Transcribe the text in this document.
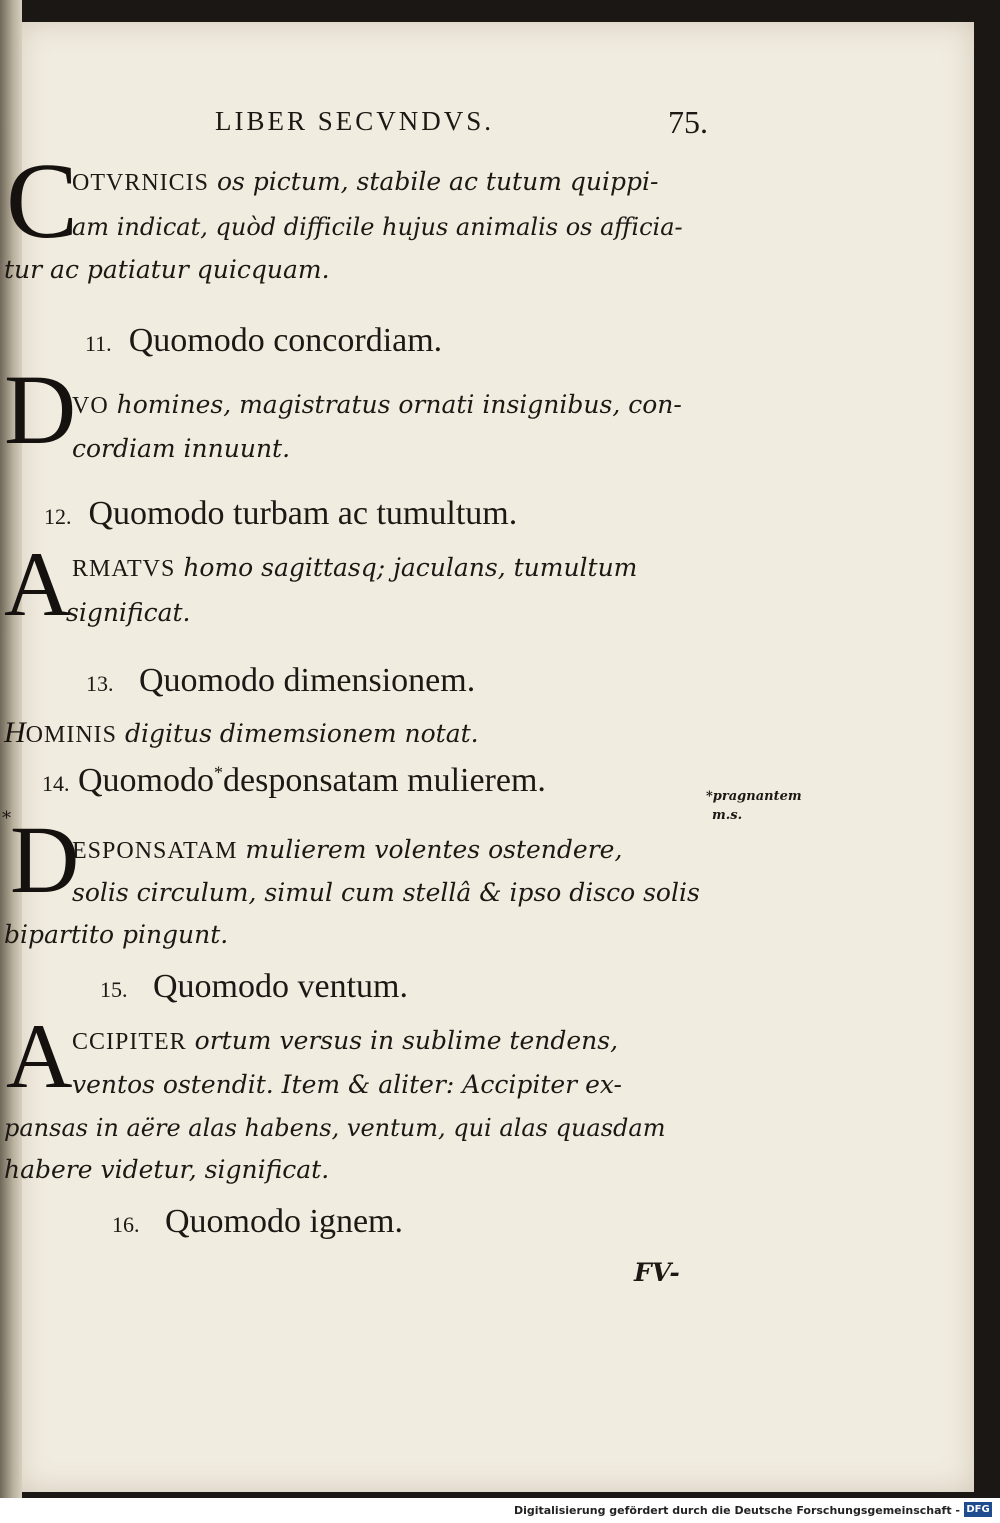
LIBER SECVNDVS.	75.
C
OTVRNICIS os pictum, stabile ac tutum quippi-
am indicat, quòd difficile hujus animalis os afficia-
tur ac patiatur quicquam.
11. Quomodo concordiam.
D
VO homines, magistratus ornati insignibus, con-
cordiam innuunt.
12. Quomodo turbam ac tumultum.
A RMATVS homo sagittasq; jaculans, tumultum
significat.
13. Quomodo dimensionem.
HOMINIS digitus dimemsionem notat.
14. Quomodo*desponsatam mulierem.
* D
ESPONSATAM mulierem volentes ostendere,
solis circulum, simul cum stellâ & ipso disco solis
bipartito pingunt.
*pragnantem
m.s.
15. Quomodo ventum.
A CCIPITER ortum versus in sublime tendens,
ventos ostendit. Item & aliter: Accipiter ex-
pansas in aëre alas habens, ventum, qui alas quasdam
habere videtur, significat.
16. Quomodo ignem.
FV-
Digitalisierung gefördert durch die Deutsche Forschungsgemeinschaft - DFG
